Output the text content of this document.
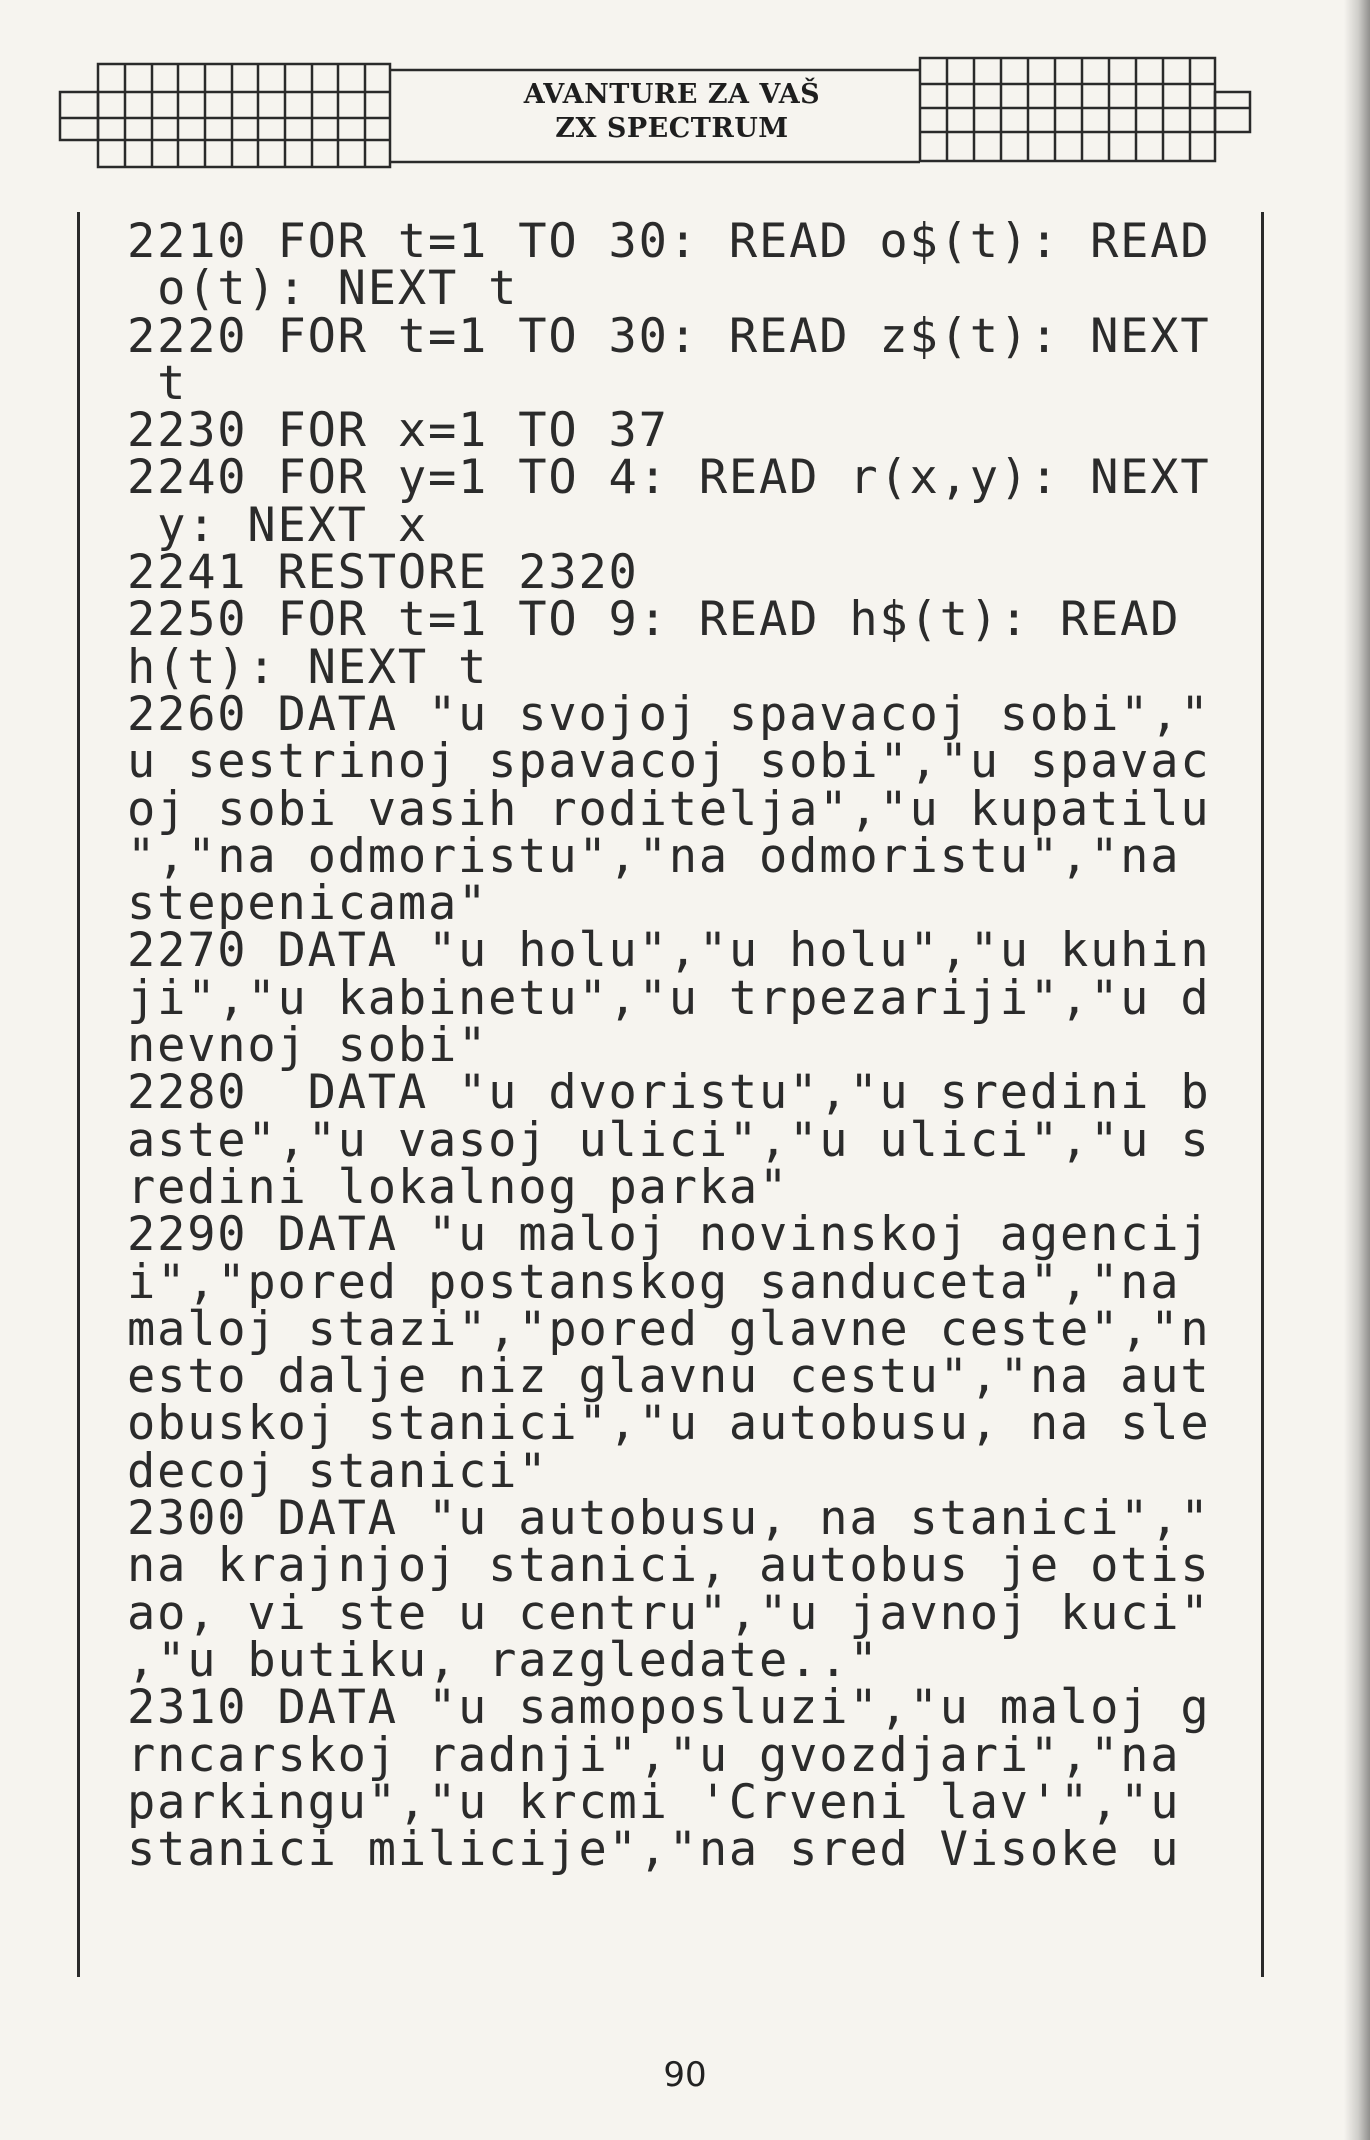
AVANTURE ZA VAŠ
ZX SPECTRUM
2210 FOR t=1 TO 30: READ o$(t): READ
o(t): NEXT t
2220 FOR t=1 TO 30: READ z$(t): NEXT
t
2230 FOR x=1 TO 37
2240 FOR y=1 TO 4: READ r(x,y): NEXT
y: NEXT x
2241 RESTORE 2320
2250 FOR t=1 TO 9: READ h$(t): READ
h(t): NEXT t
2260 DATA "u svojoj spavacoj sobi","
u sestrinoj spavacoj sobi","u spavac
oj sobi vasih roditelja","u kupatilu
","na odmoristu","na odmoristu","na
stepenicama"
2270 DATA "u holu","u holu","u kuhin
ji","u kabinetu","u trpezariji","u d
nevnoj sobi"
2280  DATA "u dvoristu","u sredini b
aste","u vasoj ulici","u ulici","u s
redini lokalnog parka"
2290 DATA "u maloj novinskoj agencij
i","pored postanskog sanduceta","na
maloj stazi","pored glavne ceste","n
esto dalje niz glavnu cestu","na aut
obuskoj stanici","u autobusu, na sle
decoj stanici"
2300 DATA "u autobusu, na stanici","
na krajnjoj stanici, autobus je otis
ao, vi ste u centru","u javnoj kuci"
,"u butiku, razgledate.."
2310 DATA "u samoposluzi","u maloj g
rncarskoj radnji","u gvozdjari","na
parkingu","u krcmi 'Crveni lav'","u
stanici milicije","na sred Visoke u
90
